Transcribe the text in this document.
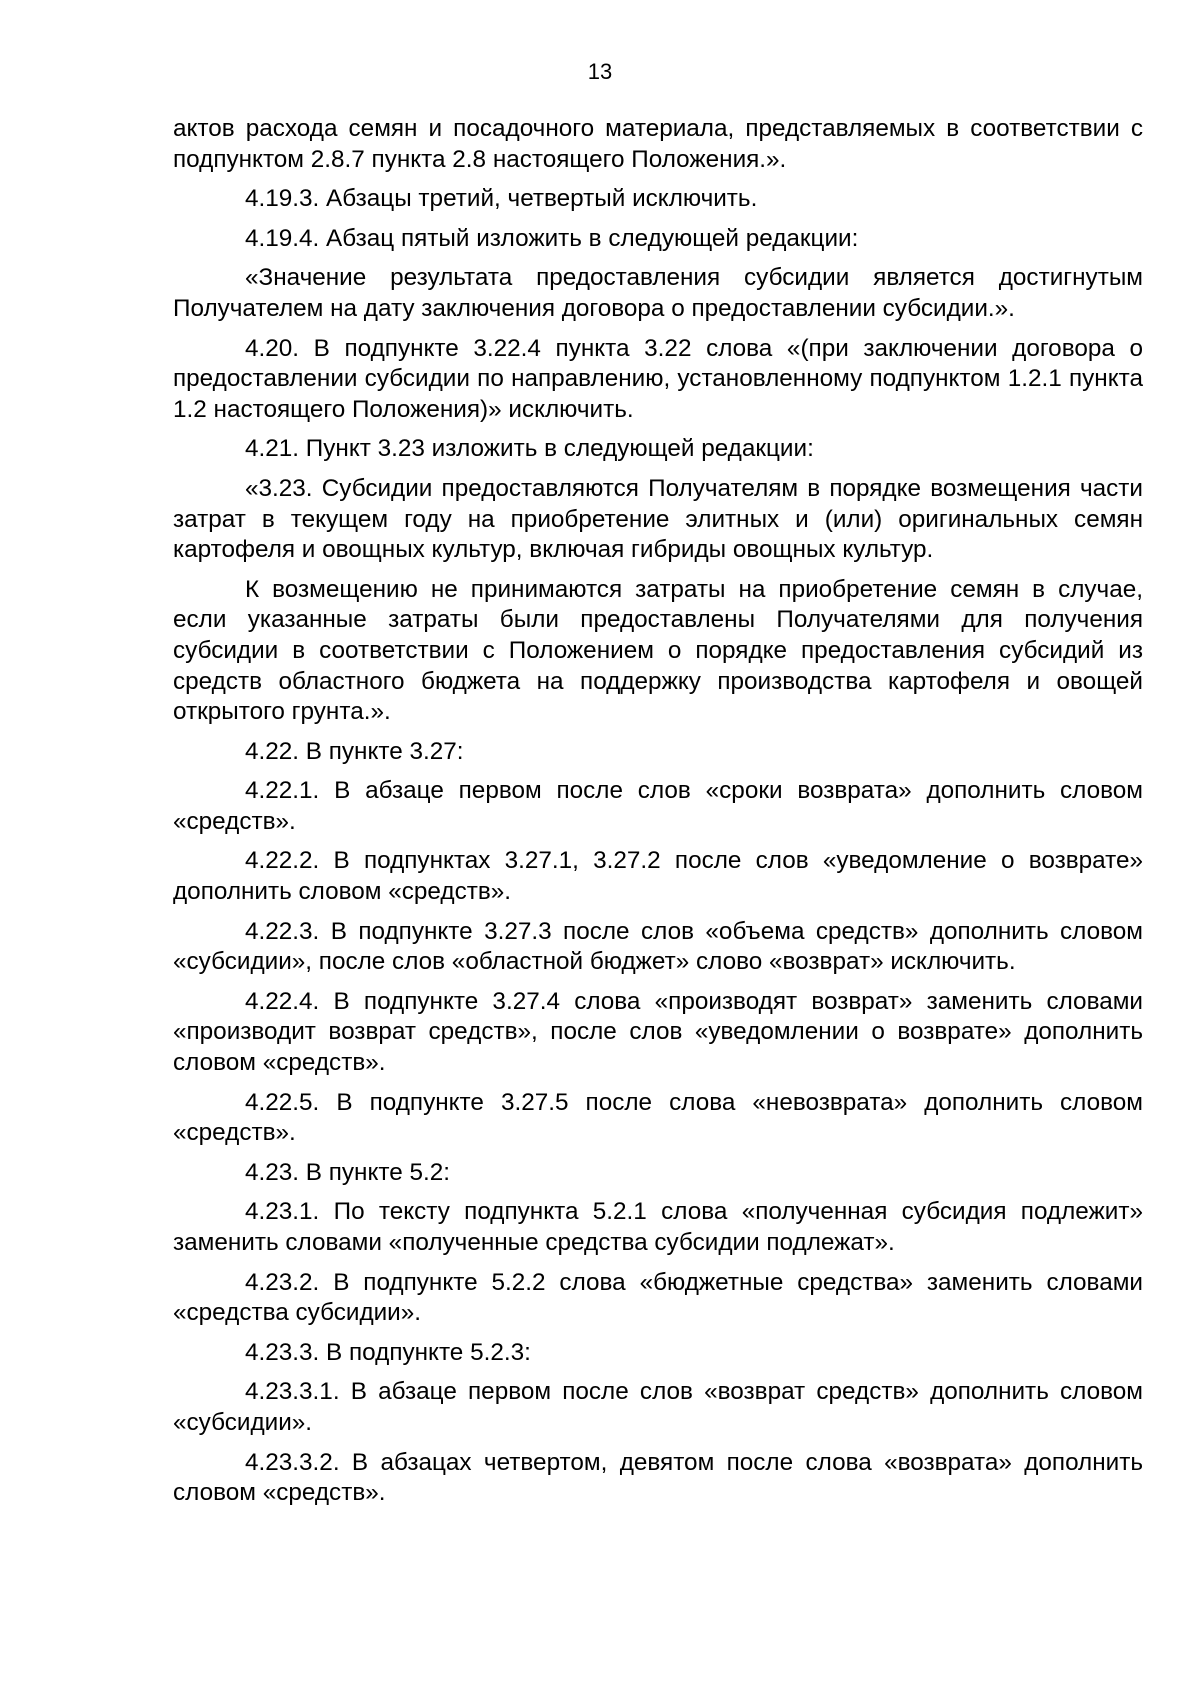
13

актов расхода семян и посадочного материала, представляемых в соответствии с подпунктом 2.8.7 пункта 2.8 настоящего Положения.».

4.19.3. Абзацы третий, четвертый исключить.

4.19.4. Абзац пятый изложить в следующей редакции:

«Значение результата предоставления субсидии является достигнутым Получателем на дату заключения договора о предоставлении субсидии.».

4.20. В подпункте 3.22.4 пункта 3.22 слова «(при заключении договора о предоставлении субсидии по направлению, установленному подпунктом 1.2.1 пункта 1.2 настоящего Положения)» исключить.

4.21. Пункт 3.23 изложить в следующей редакции:

«3.23. Субсидии предоставляются Получателям в порядке возмещения части затрат в текущем году на приобретение элитных и (или) оригинальных семян картофеля и овощных культур, включая гибриды овощных культур.

К возмещению не принимаются затраты на приобретение семян в случае, если указанные затраты были предоставлены Получателями для получения субсидии в соответствии с Положением о порядке предоставления субсидий из средств областного бюджета на поддержку производства картофеля и овощей открытого грунта.».

4.22. В пункте 3.27:

4.22.1. В абзаце первом после слов «сроки возврата» дополнить словом «средств».

4.22.2. В подпунктах 3.27.1, 3.27.2 после слов «уведомление о возврате» дополнить словом «средств».

4.22.3. В подпункте 3.27.3 после слов «объема средств» дополнить словом «субсидии», после слов «областной бюджет» слово «возврат» исключить.

4.22.4. В подпункте 3.27.4 слова «производят возврат» заменить словами «производит возврат средств», после слов «уведомлении о возврате» дополнить словом «средств».

4.22.5. В подпункте 3.27.5 после слова «невозврата» дополнить словом «средств».

4.23. В пункте 5.2:

4.23.1. По тексту подпункта 5.2.1 слова «полученная субсидия подлежит» заменить словами «полученные средства субсидии подлежат».

4.23.2. В подпункте 5.2.2 слова «бюджетные средства» заменить словами «средства субсидии».

4.23.3. В подпункте 5.2.3:

4.23.3.1. В абзаце первом после слов «возврат средств» дополнить словом «субсидии».

4.23.3.2. В абзацах четвертом, девятом после слова «возврата» дополнить словом «средств».
